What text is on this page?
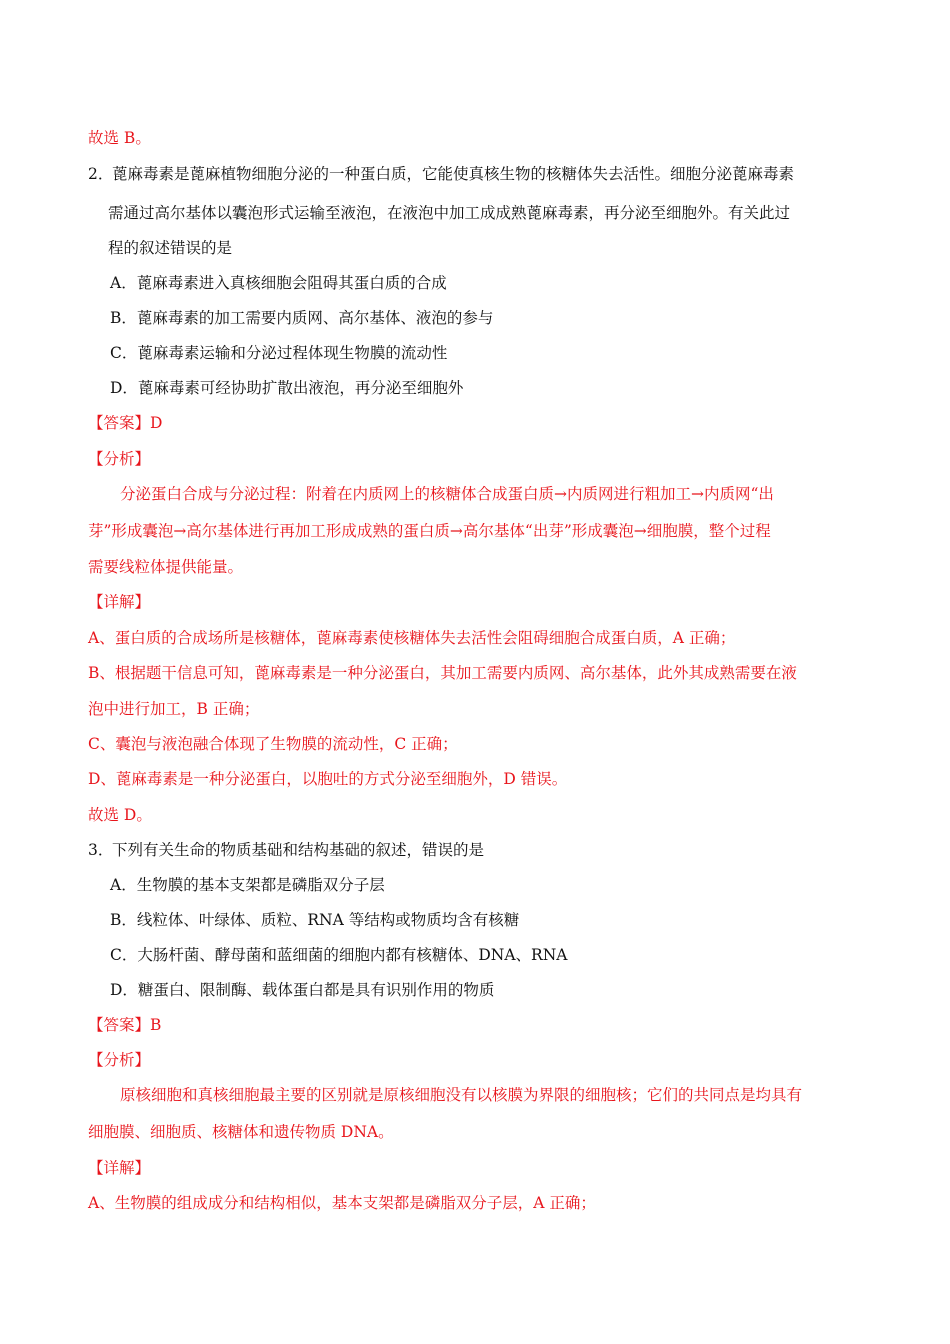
故选 B。
2．
蓖麻毒素是蓖麻植物细胞分泌的一种蛋白质，它能使真核生物的核糖体失去活性。细胞分泌蓖麻毒素
需通过高尔基体以囊泡形式运输至液泡，在液泡中加工成成熟蓖麻毒素，再分泌至细胞外。有关此过
程的叙述错误的是
A．蓖麻毒素进入真核细胞会阻碍其蛋白质的合成
B．蓖麻毒素的加工需要内质网、高尔基体、液泡的参与
C．蓖麻毒素运输和分泌过程体现生物膜的流动性
D．蓖麻毒素可经协助扩散出液泡，再分泌至细胞外
【答案】D
【分析】
分泌蛋白合成与分泌过程：附着在内质网上的核糖体合成蛋白质→内质网进行粗加工→内质网“出
芽”形成囊泡→高尔基体进行再加工形成成熟的蛋白质→高尔基体“出芽”形成囊泡→细胞膜，整个过程
需要线粒体提供能量。
【详解】
A、蛋白质的合成场所是核糖体，蓖麻毒素使核糖体失去活性会阻碍细胞合成蛋白质，A 正确；
B、根据题干信息可知，蓖麻毒素是一种分泌蛋白，其加工需要内质网、高尔基体，此外其成熟需要在液
泡中进行加工，B 正确；
C、囊泡与液泡融合体现了生物膜的流动性，C 正确；
D、蓖麻毒素是一种分泌蛋白，以胞吐的方式分泌至细胞外，D 错误。
故选 D。
3．
下列有关生命的物质基础和结构基础的叙述，错误的是
A．生物膜的基本支架都是磷脂双分子层
B．线粒体、叶绿体、质粒、RNA 等结构或物质均含有核糖
C．大肠杆菌、酵母菌和蓝细菌的细胞内都有核糖体、DNA、RNA
D．糖蛋白、限制酶、载体蛋白都是具有识别作用的物质
【答案】B
【分析】
原核细胞和真核细胞最主要的区别就是原核细胞没有以核膜为界限的细胞核；它们的共同点是均具有
细胞膜、细胞质、核糖体和遗传物质 DNA。
【详解】
A、生物膜的组成成分和结构相似，基本支架都是磷脂双分子层，A 正确；
